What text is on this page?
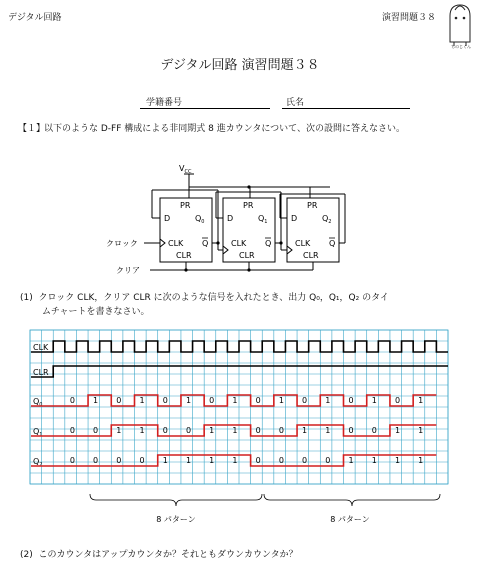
デジタル回路	演習問題３８
ちのじくん
デジタル回路 演習問題３８
学籍番号	氏名
【１】以下のような D-FF 構成による非同期式 8 進カウンタについて、次の設問に答えなさい。
$V_{CC}$
クロック
クリア
PR
D	$Q_0$
CLK Q
CLR
PR
D	$Q_1$
CLK Q
CLR
PR
D	$Q_2$
CLK Q
CLR
(1) クロック CLK，クリア CLR に次のような信号を入れたとき、出力 Q₀，Q₁，Q₂ のタイ
ムチャートを書きなさい。
CLK
CLR
$Q_0$
$Q_1$
$Q_2$
0 1 0 1 0 1 0 1 0 1 0 1 0 1 0 1
0 0 1 1 0 0 1 1 0 0 1 1 0 0 1 1
0 0 0 0 1 1 1 1 0 0 0 0 1 1 1 1
8 パターン	8 パターン
(2) このカウンタはアップカウンタか？それともダウンカウンタか？
